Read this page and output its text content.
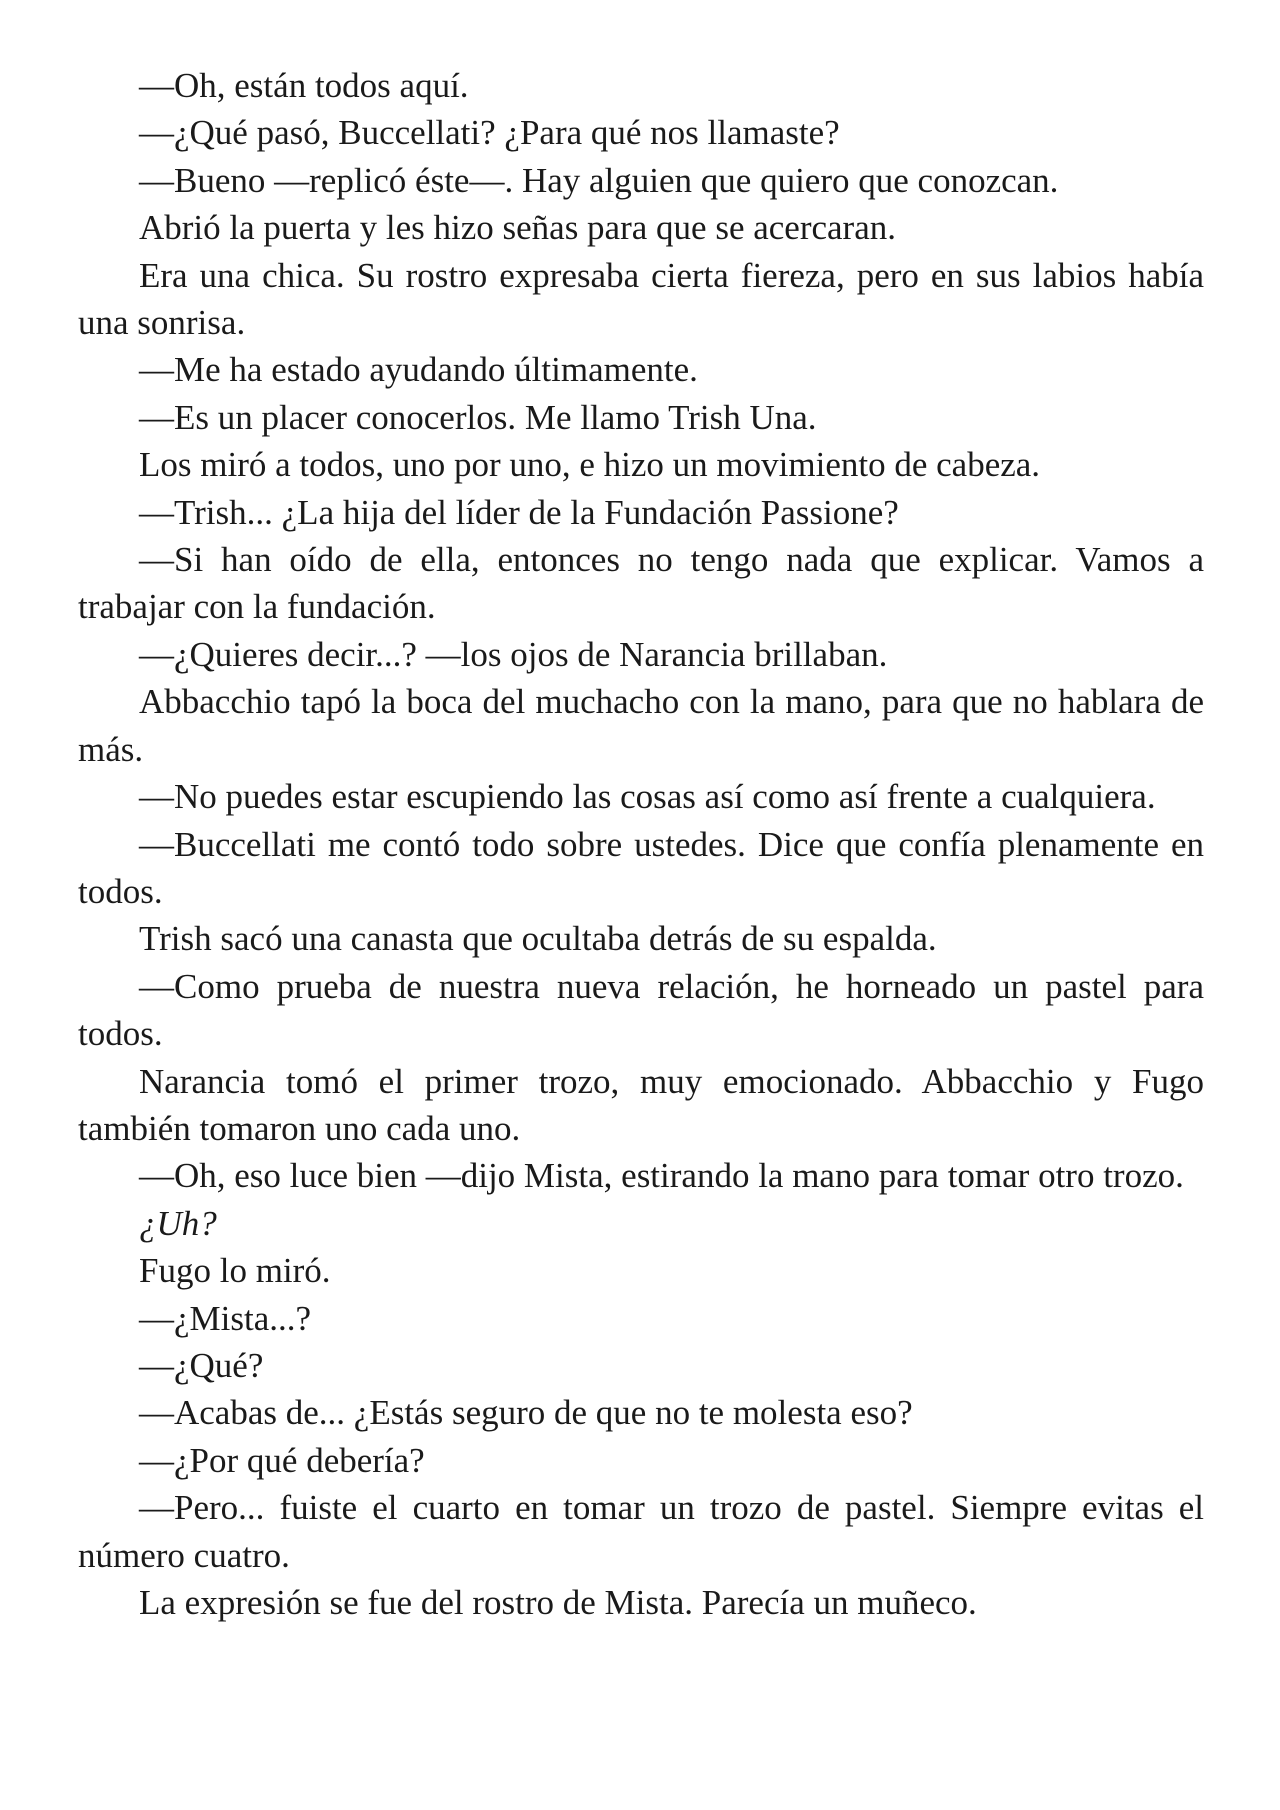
—Oh, están todos aquí.

—¿Qué pasó, Buccellati? ¿Para qué nos llamaste?

—Bueno —replicó éste—. Hay alguien que quiero que conozcan.

Abrió la puerta y les hizo señas para que se acercaran.

Era una chica. Su rostro expresaba cierta fiereza, pero en sus labios había una sonrisa.

—Me ha estado ayudando últimamente.

—Es un placer conocerlos. Me llamo Trish Una.

Los miró a todos, uno por uno, e hizo un movimiento de cabeza.

—Trish... ¿La hija del líder de la Fundación Passione?

—Si han oído de ella, entonces no tengo nada que explicar. Vamos a trabajar con la fundación.

—¿Quieres decir...? —los ojos de Narancia brillaban.

Abbacchio tapó la boca del muchacho con la mano, para que no hablara de más.

—No puedes estar escupiendo las cosas así como así frente a cualquiera.

—Buccellati me contó todo sobre ustedes. Dice que confía plenamente en todos.

Trish sacó una canasta que ocultaba detrás de su espalda.

—Como prueba de nuestra nueva relación, he horneado un pastel para todos.

Narancia tomó el primer trozo, muy emocionado. Abbacchio y Fugo también tomaron uno cada uno.

—Oh, eso luce bien —dijo Mista, estirando la mano para tomar otro trozo.

¿Uh?

Fugo lo miró.

—¿Mista...?

—¿Qué?

—Acabas de... ¿Estás seguro de que no te molesta eso?

—¿Por qué debería?

—Pero... fuiste el cuarto en tomar un trozo de pastel. Siempre evitas el número cuatro.

La expresión se fue del rostro de Mista. Parecía un muñeco.
